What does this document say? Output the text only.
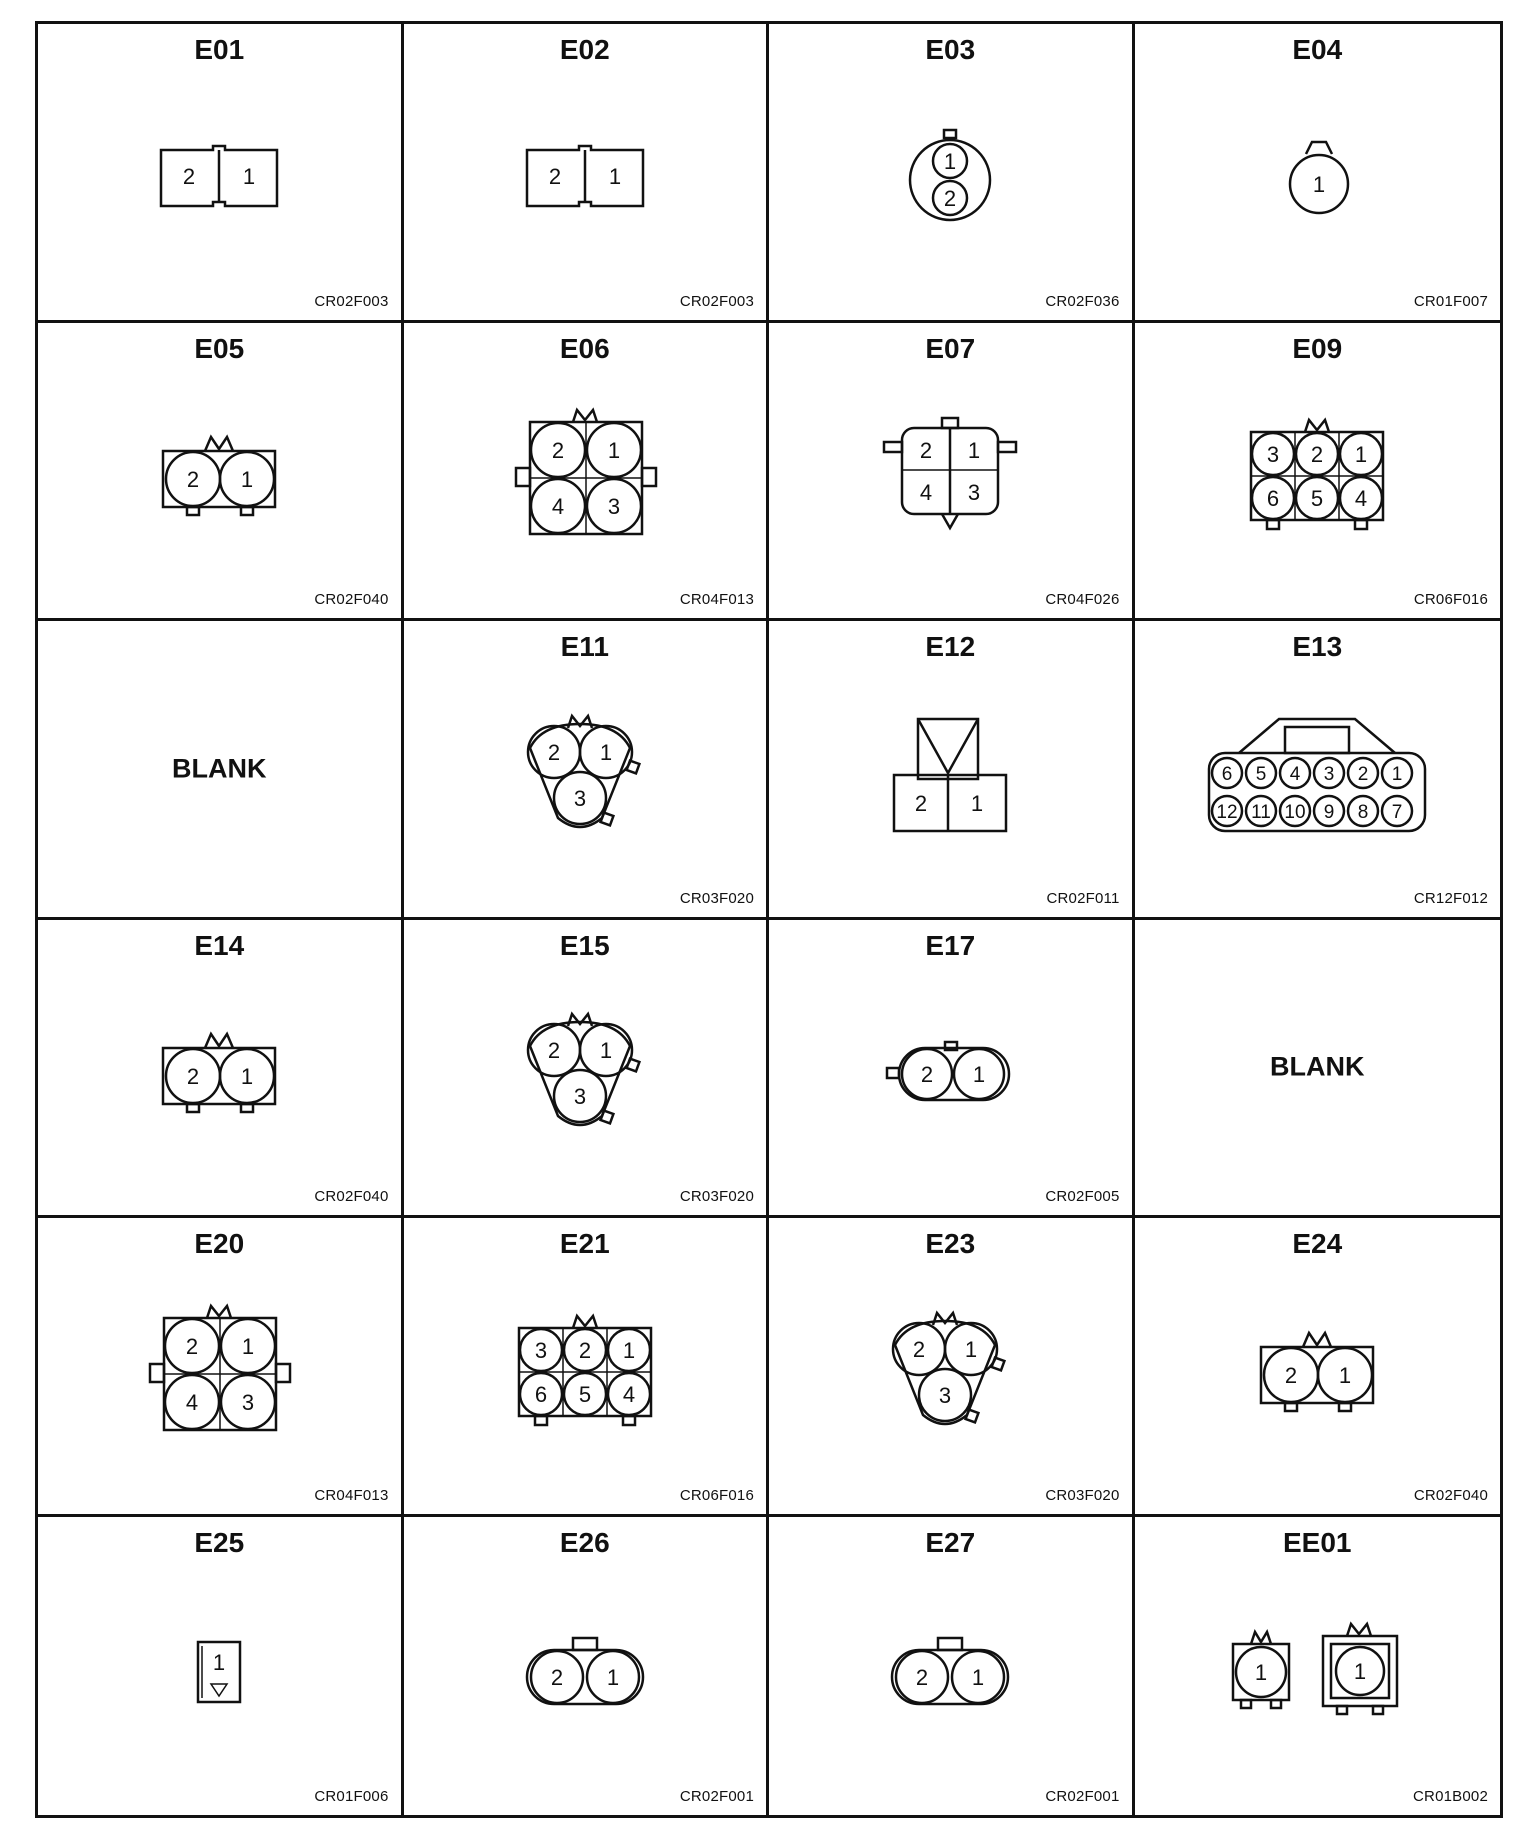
E01
2 1
CR02F003
E02
2 1
CR02F003
E03
1
2
CR02F036
E04
1
CR01F007
E05
2 1
CR02F040
E06
2 1
4 3
CR04F013
E07
2 1
4 3
CR04F026
E09
3 2 1
6 5 4
CR06F016
BLANK
E11
2 1
3
CR03F020
E12
2 1
CR02F011
E13
6 5 4 3 2 1
12 11 10 9 8 7
CR12F012
E14
2 1
CR02F040
E15
2 1
3
CR03F020
E17
2 1
CR02F005
BLANK
E20
2 1
4 3
CR04F013
E21
3 2 1
6 5 4
CR06F016
E23
2 1
3
CR03F020
E24
2 1
CR02F040
E25
1
CR01F006
E26
2 1
CR02F001
E27
2 1
CR02F001
EE01
1	1
CR01B002
